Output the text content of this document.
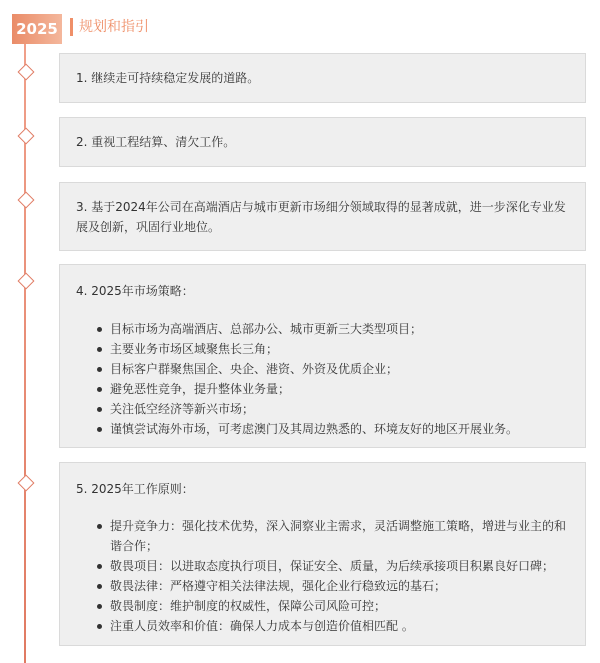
2025 规划和指引
1. 继续走可持续稳定发展的道路。
2. 重视工程结算、清欠工作。
3. 基于2024年公司在高端酒店与城市更新市场细分领域取得的显著成就，进一步深化专业发展及创新，巩固行业地位。
4. 2025年市场策略：
目标市场为高端酒店、总部办公、城市更新三大类型项目；
主要业务市场区域聚焦长三角；
目标客户群聚焦国企、央企、港资、外资及优质企业；
避免恶性竞争，提升整体业务量；
关注低空经济等新兴市场；
谨慎尝试海外市场，可考虑澳门及其周边熟悉的、环境友好的地区开展业务。
5. 2025年工作原则：
提升竞争力：强化技术优势，深入洞察业主需求，灵活调整施工策略，增进与业主的和谐合作；
敬畏项目：以进取态度执行项目，保证安全、质量，为后续承接项目积累良好口碑；
敬畏法律：严格遵守相关法律法规，强化企业行稳致远的基石；
敬畏制度：维护制度的权威性，保障公司风险可控；
注重人员效率和价值：确保人力成本与创造价值相匹配 。
